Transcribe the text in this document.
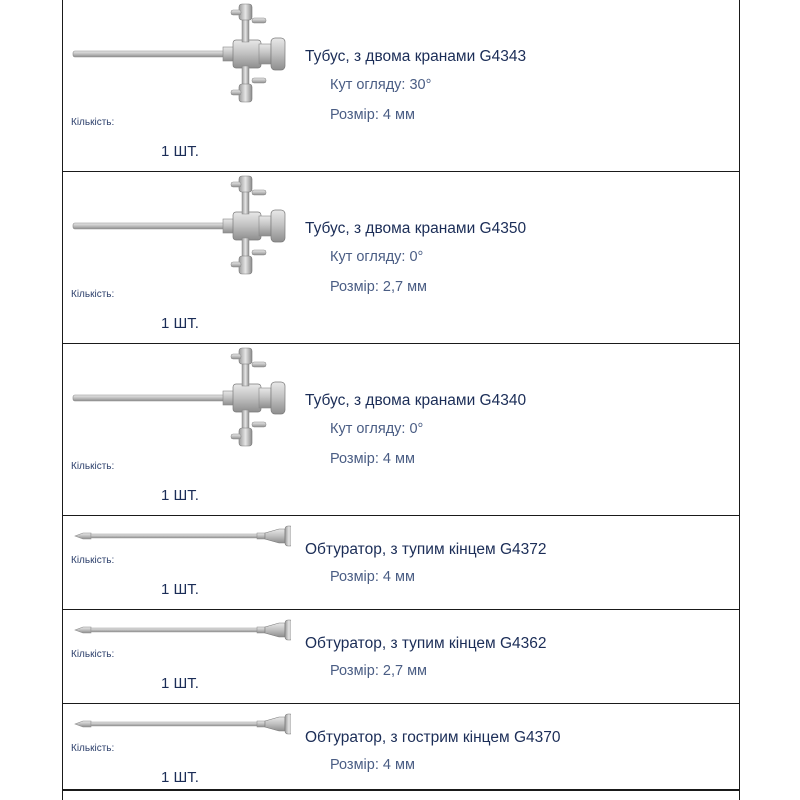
Кількість:
1 ШТ.
Тубус, з двома кранами G4343
Кут огляду: 30°
Розмір: 4 мм
Кількість:
1 ШТ.
Тубус, з двома кранами G4350
Кут огляду: 0°
Розмір: 2,7 мм
Кількість:
1 ШТ.
Тубус, з двома кранами G4340
Кут огляду: 0°
Розмір: 4 мм
Кількість:
1 ШТ.
Обтуратор, з тупим кінцем G4372
Розмір: 4 мм
Кількість:
1 ШТ.
Обтуратор, з тупим кінцем G4362
Розмір: 2,7 мм
Кількість:
1 ШТ.
Обтуратор, з гострим кінцем G4370
Розмір: 4 мм
